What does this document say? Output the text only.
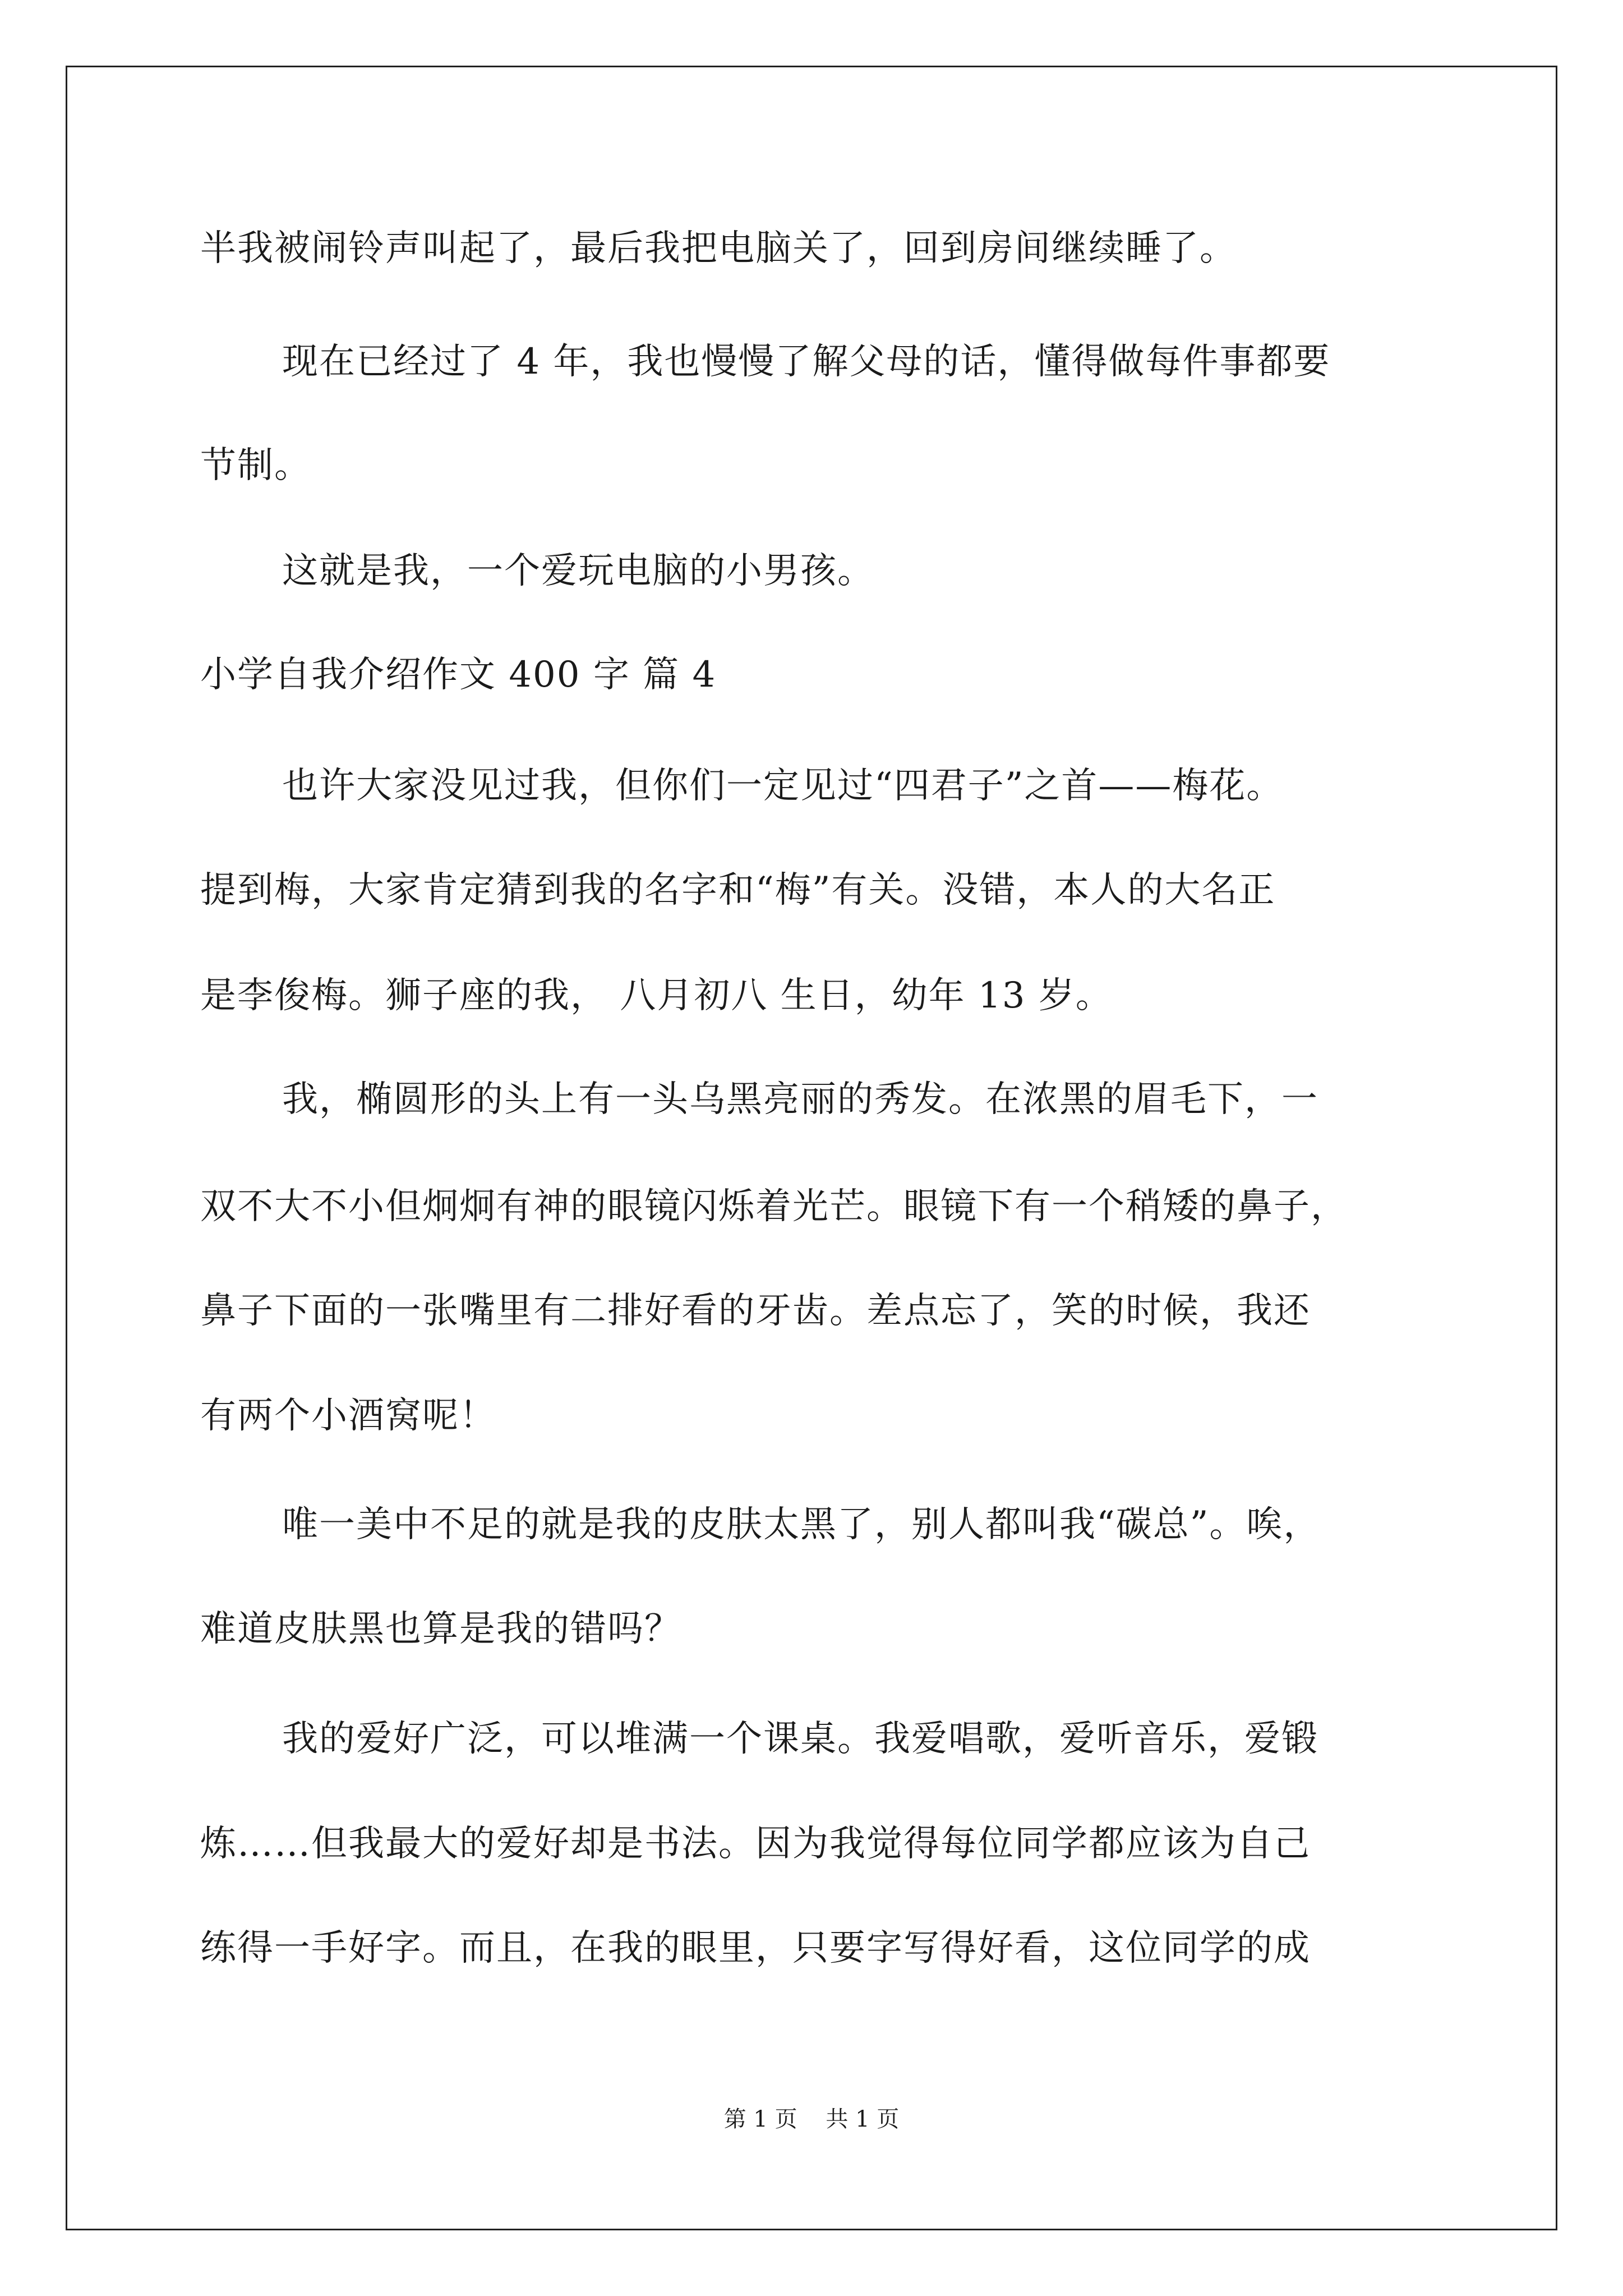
半我被闹铃声叫起了，最后我把电脑关了，回到房间继续睡了。
现在已经过了 4 年，我也慢慢了解父母的话，懂得做每件事都要
节制。
这就是我，一个爱玩电脑的小男孩。
小学自我介绍作文 400 字 篇 4
也许大家没见过我，但你们一定见过“四君子”之首——梅花。
提到梅，大家肯定猜到我的名字和“梅”有关。没错，本人的大名正
是李俊梅。狮子座的我， 八月初八 生日，幼年 13 岁。
我，椭圆形的头上有一头乌黑亮丽的秀发。在浓黑的眉毛下，一
双不大不小但炯炯有神的眼镜闪烁着光芒。眼镜下有一个稍矮的鼻子，
鼻子下面的一张嘴里有二排好看的牙齿。差点忘了，笑的时候，我还
有两个小酒窝呢！
唯一美中不足的就是我的皮肤太黑了，别人都叫我“碳总”。唉，
难道皮肤黑也算是我的错吗？
我的爱好广泛，可以堆满一个课桌。我爱唱歌，爱听音乐，爱锻
炼……但我最大的爱好却是书法。因为我觉得每位同学都应该为自己
练得一手好字。而且，在我的眼里，只要字写得好看，这位同学的成
第 1 页    共 1 页
